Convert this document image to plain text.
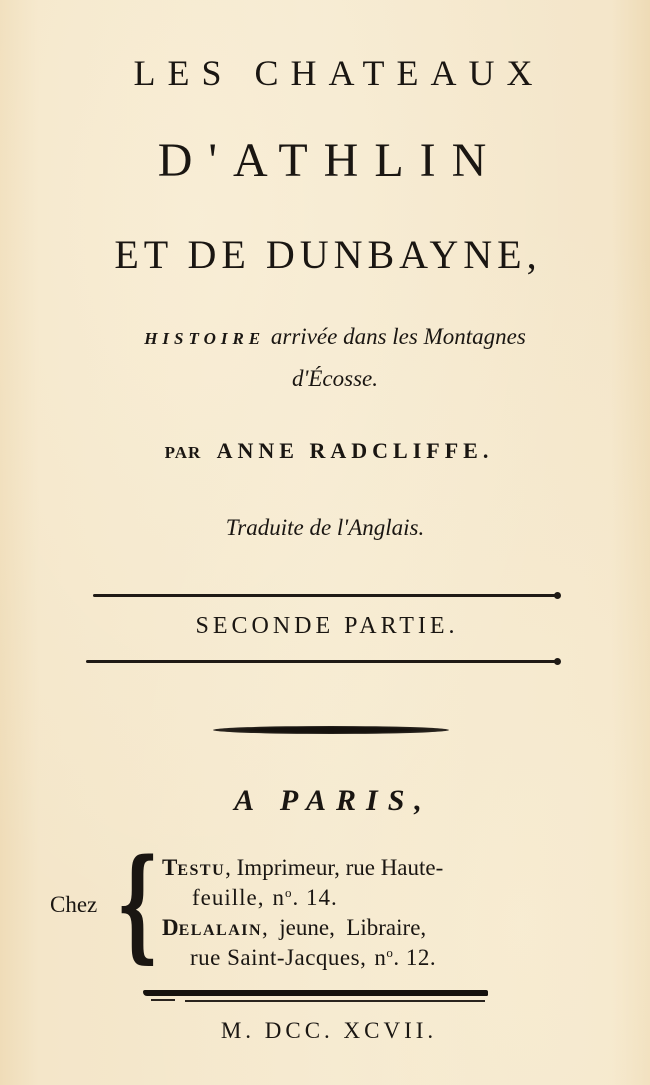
LES CHATEAUX
D'ATHLIN
ET DE DUNBAYNE,
HISTOIRE arrivée dans les Montagnes
d'Écosse.
PAR ANNE RADCLIFFE.
Traduite de l'Anglais.
SECONDE PARTIE.
A PARIS,
Chez { TESTU, Imprimeur, rue Haute-
feuille, $n^o$. 14.
DELALAIN,  jeune,  Libraire,
rue Saint-Jacques, $n^o$. 12.
M. DCC. XCVII.
